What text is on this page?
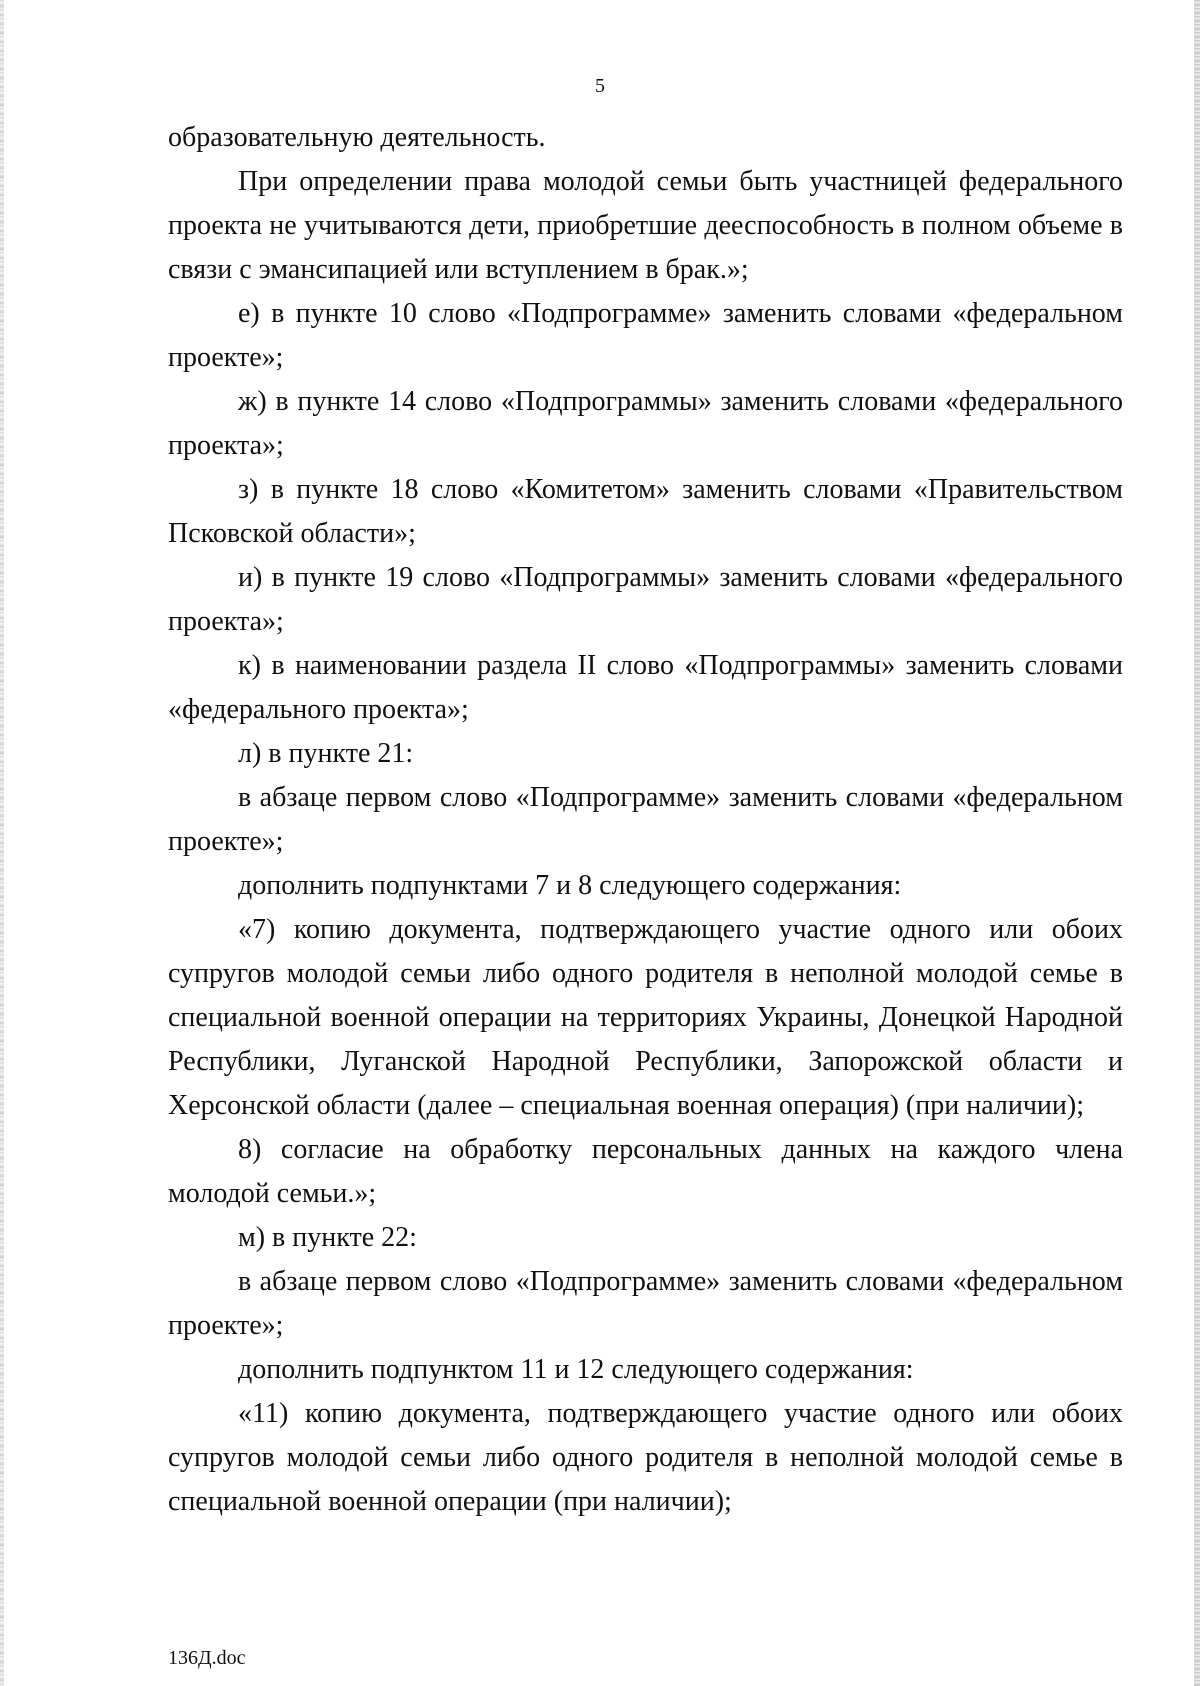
5

образовательную деятельность.

При определении права молодой семьи быть участницей федерального проекта не учитываются дети, приобретшие дееспособность в полном объеме в связи с эмансипацией или вступлением в брак.»;

е) в пункте 10 слово «Подпрограмме» заменить словами «федеральном проекте»;

ж) в пункте 14 слово «Подпрограммы» заменить словами «федерального проекта»;

з) в пункте 18 слово «Комитетом» заменить словами «Правительством Псковской области»;

и) в пункте 19 слово «Подпрограммы» заменить словами «федерального проекта»;

к) в наименовании раздела II слово «Подпрограммы» заменить словами «федерального проекта»;

л) в пункте 21:

в абзаце первом слово «Подпрограмме» заменить словами «федеральном проекте»;

дополнить подпунктами 7 и 8 следующего содержания:

«7) копию документа, подтверждающего участие одного или обоих супругов молодой семьи либо одного родителя в неполной молодой семье в специальной военной операции на территориях Украины, Донецкой Народной Республики, Луганской Народной Республики, Запорожской области и Херсонской области (далее – специальная военная операция) (при наличии);

8) согласие на обработку персональных данных на каждого члена молодой семьи.»;

м) в пункте 22:

в абзаце первом слово «Подпрограмме» заменить словами «федеральном проекте»;

дополнить подпунктом 11 и 12 следующего содержания:

«11) копию документа, подтверждающего участие одного или обоих супругов молодой семьи либо одного родителя в неполной молодой семье в специальной военной операции (при наличии);

136Д.doc
